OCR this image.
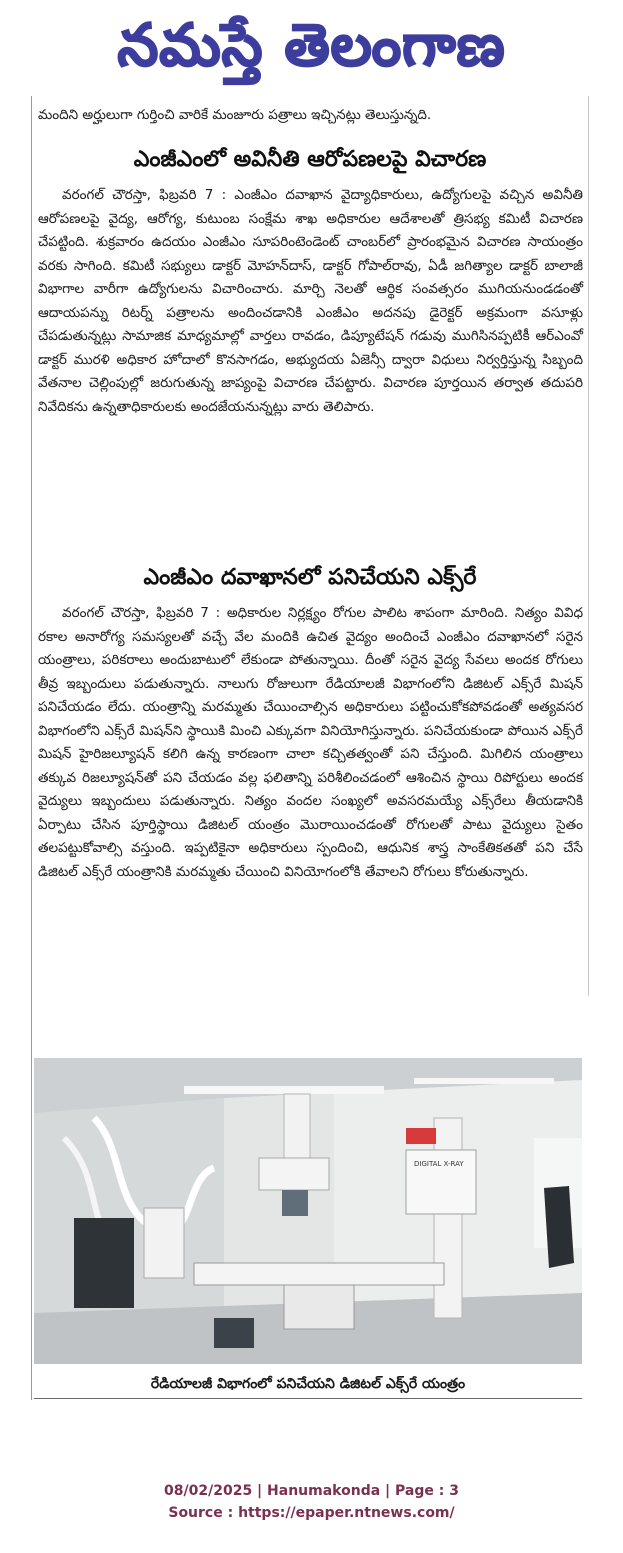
నమస్తే తెలంగాణ

మందిని అర్హులుగా గుర్తించి వారికే మంజూరు పత్రాలు ఇచ్చినట్లు తెలుస్తున్నది.

ఎంజీఎంలో అవినీతి ఆరోపణలపై విచారణ

వరంగల్ చౌరస్తా, ఫిబ్రవరి 7 : ఎంజీఎం దవాఖాన వైద్యాధికారులు, ఉద్యోగులపై వచ్చిన అవినీతి ఆరోపణలపై వైద్య, ఆరోగ్య, కుటుంబ సంక్షేమ శాఖ అధికారుల ఆదేశాలతో త్రిసభ్య కమిటీ విచారణ చేపట్టింది. శుక్రవారం ఉదయం ఎంజీఎం సూపరింటెండెంట్ చాంబర్‌లో ప్రారంభమైన విచారణ సాయంత్రం వరకు సాగింది. కమిటీ సభ్యులు డాక్టర్ మోహన్‌దాస్, డాక్టర్ గోపాల్‌రావు, ఏడీ జగిత్యాల డాక్టర్ బాలాజీ విభాగాల వారీగా ఉద్యోగులను విచారించారు. మార్చి నెలతో ఆర్థిక సంవత్సరం ముగియనుండడంతో ఆదాయపన్ను రిటర్న్ పత్రాలను అందించడానికి ఎంజీఎం అదనపు డైరెక్టర్ అక్రమంగా వసూళ్లు చేపడుతున్నట్లు సామాజిక మాధ్యమాల్లో వార్తలు రావడం, డిప్యూటేషన్ గడువు ముగిసినప్పటికీ ఆర్ఎంవో డాక్టర్ మురళి అధికార హోదాలో కొనసాగడం, అభ్యుదయ ఏజెన్సీ ద్వారా విధులు నిర్వర్తిస్తున్న సిబ్బంది వేతనాల చెల్లింపుల్లో జరుగుతున్న జాప్యంపై విచారణ చేపట్టారు. విచారణ పూర్తయిన తర్వాత తదుపరి నివేదికను ఉన్నతాధికారులకు అందజేయనున్నట్లు వారు తెలిపారు.

ఎంజీఎం దవాఖానలో పనిచేయని ఎక్స్‌రే

వరంగల్ చౌరస్తా, ఫిబ్రవరి 7 : అధికారుల నిర్లక్ష్యం రోగుల పాలిట శాపంగా మారింది. నిత్యం వివిధ రకాల అనారోగ్య సమస్యలతో వచ్చే వేల మందికి ఉచిత వైద్యం అందించే ఎంజీఎం దవాఖానలో సరైన యంత్రాలు, పరికరాలు అందుబాటులో లేకుండా పోతున్నాయి. దీంతో సరైన వైద్య సేవలు అందక రోగులు తీవ్ర ఇబ్బందులు పడుతున్నారు. నాలుగు రోజులుగా రేడియాలజీ విభాగంలోని డిజిటల్ ఎక్స్‌రే మిషన్ పనిచేయడం లేదు. యంత్రాన్ని మరమ్మతు చేయించాల్సిన అధికారులు పట్టించుకోకపోవడంతో అత్యవసర విభాగంలోని ఎక్స్‌రే మిషన్‌ని స్థాయికి మించి ఎక్కువగా వినియోగిస్తున్నారు. పనిచేయకుండా పోయిన ఎక్స్‌రే మిషన్ హైరిజల్యూషన్ కలిగి ఉన్న కారణంగా చాలా కచ్చితత్వంతో పని చేస్తుంది. మిగిలిన యంత్రాలు తక్కువ రిజల్యూషన్‌తో పని చేయడం వల్ల ఫలితాన్ని పరిశీలించడంలో ఆశించిన స్థాయి రిపోర్టులు అందక వైద్యులు ఇబ్బందులు పడుతున్నారు. నిత్యం వందల సంఖ్యలో అవసరమయ్యే ఎక్స్‌రేలు తీయడానికి ఏర్పాటు చేసిన పూర్తిస్థాయి డిజిటల్ యంత్రం మొరాయించడంతో రోగులతో పాటు వైద్యులు సైతం తలపట్టుకోవాల్సి వస్తుంది. ఇప్పటికైనా అధికారులు స్పందించి, ఆధునిక శాస్త్ర సాంకేతికతతో పని చేసే డిజిటల్ ఎక్స్‌రే యంత్రానికి మరమ్మతు చేయించి వినియోగంలోకి తేవాలని రోగులు కోరుతున్నారు.

DIGITAL X-RAY
రేడియాలజీ విభాగంలో పనిచేయని డిజిటల్ ఎక్స్‌రే యంత్రం
08/02/2025 | Hanumakonda | Page : 3
Source : https://epaper.ntnews.com/
